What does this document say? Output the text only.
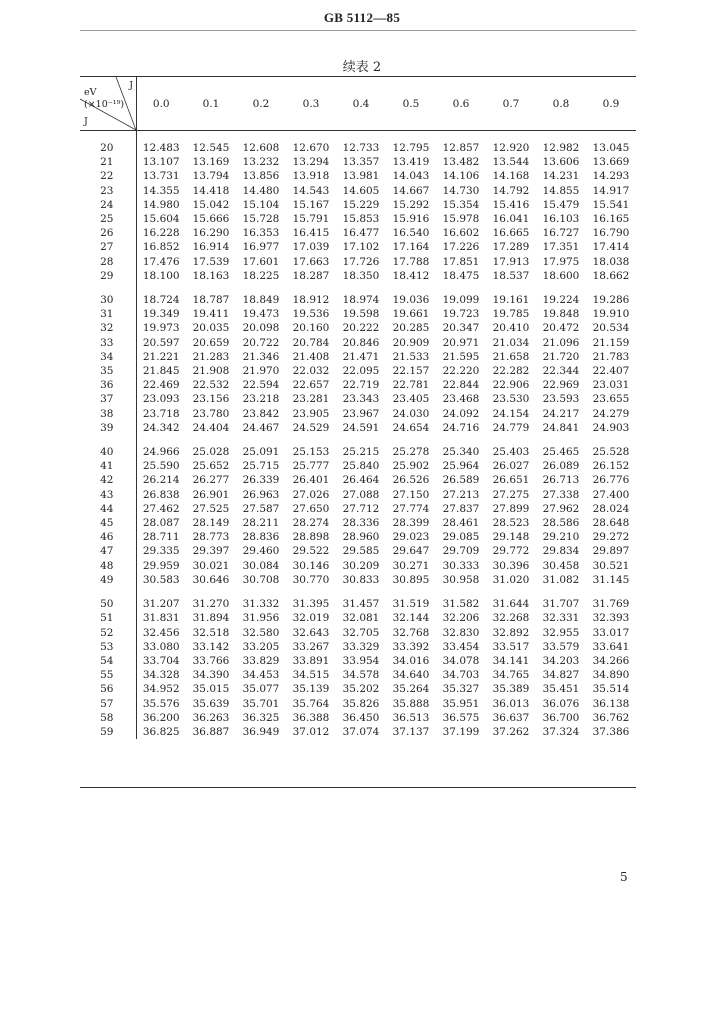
GB 5112—85
续表 2
J
eV
(×10⁻¹⁹)
J	0.0	0.1	0.2	0.3	0.4	0.5	0.6	0.7	0.8	0.9

20	12.483	12.545	12.608	12.670	12.733	12.795	12.857	12.920	12.982	13.045
21	13.107	13.169	13.232	13.294	13.357	13.419	13.482	13.544	13.606	13.669
22	13.731	13.794	13.856	13.918	13.981	14.043	14.106	14.168	14.231	14.293
23	14.355	14.418	14.480	14.543	14.605	14.667	14.730	14.792	14.855	14.917
24	14.980	15.042	15.104	15.167	15.229	15.292	15.354	15.416	15.479	15.541
25	15.604	15.666	15.728	15.791	15.853	15.916	15.978	16.041	16.103	16.165
26	16.228	16.290	16.353	16.415	16.477	16.540	16.602	16.665	16.727	16.790
27	16.852	16.914	16.977	17.039	17.102	17.164	17.226	17.289	17.351	17.414
28	17.476	17.539	17.601	17.663	17.726	17.788	17.851	17.913	17.975	18.038
29	18.100	18.163	18.225	18.287	18.350	18.412	18.475	18.537	18.600	18.662

30	18.724	18.787	18.849	18.912	18.974	19.036	19.099	19.161	19.224	19.286
31	19.349	19.411	19.473	19.536	19.598	19.661	19.723	19.785	19.848	19.910
32	19.973	20.035	20.098	20.160	20.222	20.285	20.347	20.410	20.472	20.534
33	20.597	20.659	20.722	20.784	20.846	20.909	20.971	21.034	21.096	21.159
34	21.221	21.283	21.346	21.408	21.471	21.533	21.595	21.658	21.720	21.783
35	21.845	21.908	21.970	22.032	22.095	22.157	22.220	22.282	22.344	22.407
36	22.469	22.532	22.594	22.657	22.719	22.781	22.844	22.906	22.969	23.031
37	23.093	23.156	23.218	23.281	23.343	23.405	23.468	23.530	23.593	23.655
38	23.718	23.780	23.842	23.905	23.967	24.030	24.092	24.154	24.217	24.279
39	24.342	24.404	24.467	24.529	24.591	24.654	24.716	24.779	24.841	24.903

40	24.966	25.028	25.091	25.153	25.215	25.278	25.340	25.403	25.465	25.528
41	25.590	25.652	25.715	25.777	25.840	25.902	25.964	26.027	26.089	26.152
42	26.214	26.277	26.339	26.401	26.464	26.526	26.589	26.651	26.713	26.776
43	26.838	26.901	26.963	27.026	27.088	27.150	27.213	27.275	27.338	27.400
44	27.462	27.525	27.587	27.650	27.712	27.774	27.837	27.899	27.962	28.024
45	28.087	28.149	28.211	28.274	28.336	28.399	28.461	28.523	28.586	28.648
46	28.711	28.773	28.836	28.898	28.960	29.023	29.085	29.148	29.210	29.272
47	29.335	29.397	29.460	29.522	29.585	29.647	29.709	29.772	29.834	29.897
48	29.959	30.021	30.084	30.146	30.209	30.271	30.333	30.396	30.458	30.521
49	30.583	30.646	30.708	30.770	30.833	30.895	30.958	31.020	31.082	31.145

50	31.207	31.270	31.332	31.395	31.457	31.519	31.582	31.644	31.707	31.769
51	31.831	31.894	31.956	32.019	32.081	32.144	32.206	32.268	32.331	32.393
52	32.456	32.518	32.580	32.643	32.705	32.768	32.830	32.892	32.955	33.017
53	33.080	33.142	33.205	33.267	33.329	33.392	33.454	33.517	33.579	33.641
54	33.704	33.766	33.829	33.891	33.954	34.016	34.078	34.141	34.203	34.266
55	34.328	34.390	34.453	34.515	34.578	34.640	34.703	34.765	34.827	34.890
56	34.952	35.015	35.077	35.139	35.202	35.264	35.327	35.389	35.451	35.514
57	35.576	35.639	35.701	35.764	35.826	35.888	35.951	36.013	36.076	36.138
58	36.200	36.263	36.325	36.388	36.450	36.513	36.575	36.637	36.700	36.762
59	36.825	36.887	36.949	37.012	37.074	37.137	37.199	37.262	37.324	37.386
5
